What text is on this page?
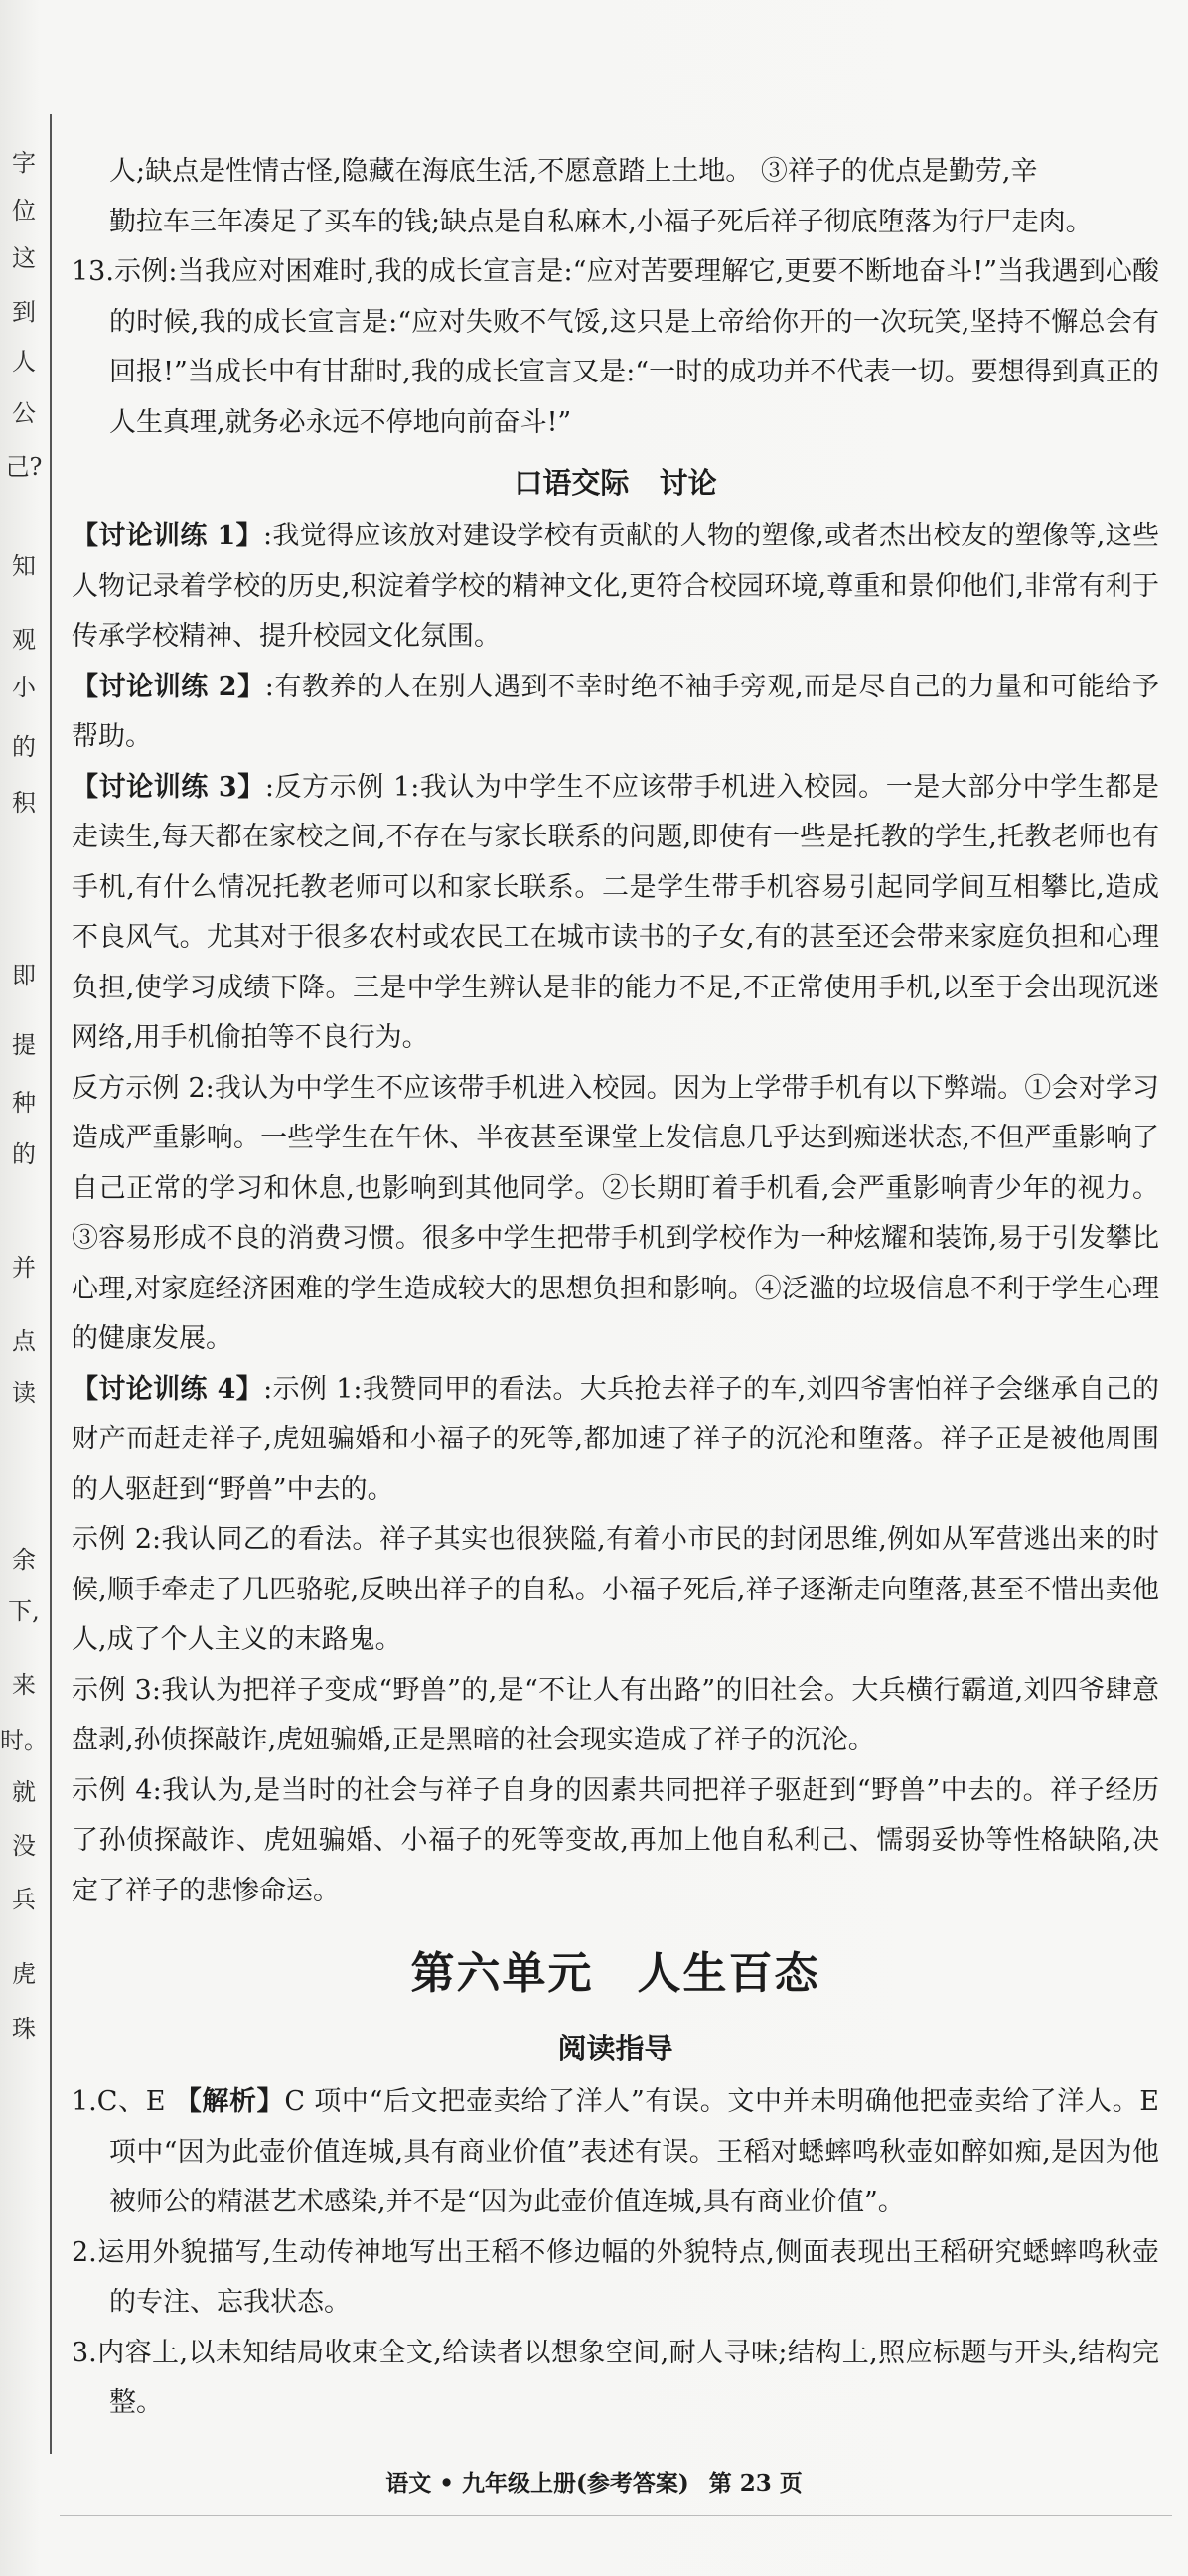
字
位
这
到
人
公
己?
知
观
小
的
积
即
提
种
的
并
点
读
余
下,
来
时。
就
没
兵
虎
珠

人;缺点是性情古怪,隐藏在海底生活,不愿意踏上土地。 ③祥子的优点是勤劳,辛

勤拉车三年凑足了买车的钱;缺点是自私麻木,小福子死后祥子彻底堕落为行尸走肉。

13.示例:当我应对困难时,我的成长宣言是:“应对苦要理解它,更要不断地奋斗!”当我遇到心酸的时候,我的成长宣言是:“应对失败不气馁,这只是上帝给你开的一次玩笑,坚持不懈总会有回报!”当成长中有甘甜时,我的成长宣言又是:“一时的成功并不代表一切。要想得到真正的人生真理,就务必永远不停地向前奋斗!”

口语交际   讨论

【讨论训练 1】:我觉得应该放对建设学校有贡献的人物的塑像,或者杰出校友的塑像等,这些人物记录着学校的历史,积淀着学校的精神文化,更符合校园环境,尊重和景仰他们,非常有利于传承学校精神、提升校园文化氛围。

【讨论训练 2】:有教养的人在别人遇到不幸时绝不袖手旁观,而是尽自己的力量和可能给予帮助。

【讨论训练 3】:反方示例 1:我认为中学生不应该带手机进入校园。一是大部分中学生都是走读生,每天都在家校之间,不存在与家长联系的问题,即使有一些是托教的学生,托教老师也有手机,有什么情况托教老师可以和家长联系。二是学生带手机容易引起同学间互相攀比,造成不良风气。尤其对于很多农村或农民工在城市读书的子女,有的甚至还会带来家庭负担和心理负担,使学习成绩下降。三是中学生辨认是非的能力不足,不正常使用手机,以至于会出现沉迷网络,用手机偷拍等不良行为。

反方示例 2:我认为中学生不应该带手机进入校园。因为上学带手机有以下弊端。①会对学习造成严重影响。一些学生在午休、半夜甚至课堂上发信息几乎达到痴迷状态,不但严重影响了自己正常的学习和休息,也影响到其他同学。②长期盯着手机看,会严重影响青少年的视力。③容易形成不良的消费习惯。很多中学生把带手机到学校作为一种炫耀和装饰,易于引发攀比心理,对家庭经济困难的学生造成较大的思想负担和影响。④泛滥的垃圾信息不利于学生心理的健康发展。

【讨论训练 4】:示例 1:我赞同甲的看法。大兵抢去祥子的车,刘四爷害怕祥子会继承自己的财产而赶走祥子,虎妞骗婚和小福子的死等,都加速了祥子的沉沦和堕落。祥子正是被他周围的人驱赶到“野兽”中去的。

示例 2:我认同乙的看法。祥子其实也很狭隘,有着小市民的封闭思维,例如从军营逃出来的时候,顺手牵走了几匹骆驼,反映出祥子的自私。小福子死后,祥子逐渐走向堕落,甚至不惜出卖他人,成了个人主义的末路鬼。

示例 3:我认为把祥子变成“野兽”的,是“不让人有出路”的旧社会。大兵横行霸道,刘四爷肆意盘剥,孙侦探敲诈,虎妞骗婚,正是黑暗的社会现实造成了祥子的沉沦。

示例 4:我认为,是当时的社会与祥子自身的因素共同把祥子驱赶到“野兽”中去的。祥子经历了孙侦探敲诈、虎妞骗婚、小福子的死等变故,再加上他自私利己、懦弱妥协等性格缺陷,决定了祥子的悲惨命运。

第六单元 人生百态
阅读指导

1.C、E 【解析】C 项中“后文把壶卖给了洋人”有误。文中并未明确他把壶卖给了洋人。E 项中“因为此壶价值连城,具有商业价值”表述有误。王稻对蟋蟀鸣秋壶如醉如痴,是因为他被师公的精湛艺术感染,并不是“因为此壶价值连城,具有商业价值”。

2.运用外貌描写,生动传神地写出王稻不修边幅的外貌特点,侧面表现出王稻研究蟋蟀鸣秋壶的专注、忘我状态。

3.内容上,以未知结局收束全文,给读者以想象空间,耐人寻味;结构上,照应标题与开头,结构完整。

语文 • 九年级上册(参考答案) 第 23 页
